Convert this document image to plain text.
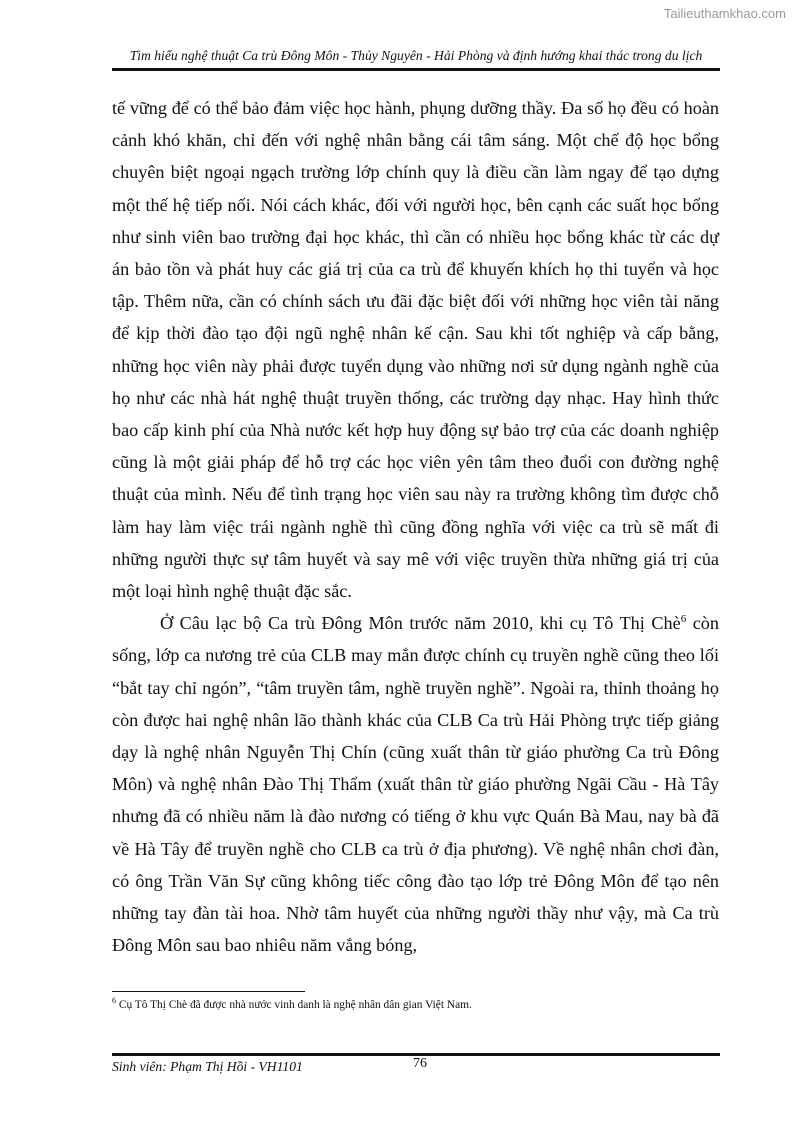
Tailieuthamkhao.com
Tìm hiểu nghệ thuật Ca trù Đông Môn - Thủy Nguyên - Hải Phòng và định hướng khai thác trong du lịch

tế vững để có thể bảo đảm việc học hành, phụng dưỡng thầy. Đa số họ đều có hoàn cảnh khó khăn, chỉ đến với nghệ nhân bằng cái tâm sáng. Một chế độ học bổng chuyên biệt ngoại ngạch trường lớp chính quy là điều cần làm ngay để tạo dựng một thế hệ tiếp nối. Nói cách khác, đối với người học, bên cạnh các suất học bổng như sinh viên bao trường đại học khác, thì cần có nhiều học bổng khác từ các dự án bảo tồn và phát huy các giá trị của ca trù để khuyến khích họ thi tuyển và học tập. Thêm nữa, cần có chính sách ưu đãi đặc biệt đối với những học viên tài năng để kịp thời đào tạo đội ngũ nghệ nhân kế cận. Sau khi tốt nghiệp và cấp bằng, những học viên này phải được tuyển dụng vào những nơi sử dụng ngành nghề của họ như các nhà hát nghệ thuật truyền thống, các trường dạy nhạc. Hay hình thức bao cấp kinh phí của Nhà nước kết hợp huy động sự bảo trợ của các doanh nghiệp cũng là một giải pháp để hỗ trợ các học viên yên tâm theo đuổi con đường nghệ thuật của mình. Nếu để tình trạng học viên sau này ra trường không tìm được chỗ làm hay làm việc trái ngành nghề thì cũng đồng nghĩa với việc ca trù sẽ mất đi những người thực sự tâm huyết và say mê với việc truyền thừa những giá trị của một loại hình nghệ thuật đặc sắc.

Ở Câu lạc bộ Ca trù Đông Môn trước năm 2010, khi cụ Tô Thị Chè$^6$ còn sống, lớp ca nương trẻ của CLB may mắn được chính cụ truyền nghề cũng theo lối “bắt tay chỉ ngón”, “tâm truyền tâm, nghề truyền nghề”. Ngoài ra, thỉnh thoảng họ còn được hai nghệ nhân lão thành khác của CLB Ca trù Hải Phòng trực tiếp giảng dạy là nghệ nhân Nguyễn Thị Chín (cũng xuất thân từ giáo phường Ca trù Đông Môn) và nghệ nhân Đào Thị Thẩm (xuất thân từ giáo phường Ngãi Cầu - Hà Tây nhưng đã có nhiều năm là đào nương có tiếng ở khu vực Quán Bà Mau, nay bà đã về Hà Tây để truyền nghề cho CLB ca trù ở địa phương). Về nghệ nhân chơi đàn, có ông Trần Văn Sự cũng không tiếc công đào tạo lớp trẻ Đông Môn để tạo nên những tay đàn tài hoa. Nhờ tâm huyết của những người thầy như vậy, mà Ca trù Đông Môn sau bao nhiêu năm vắng bóng,

$^6$ Cụ Tô Thị Chè đã được nhà nước vinh danh là nghệ nhân dân gian Việt Nam.
Sinh viên: Phạm Thị Hồi - VH1101	76
